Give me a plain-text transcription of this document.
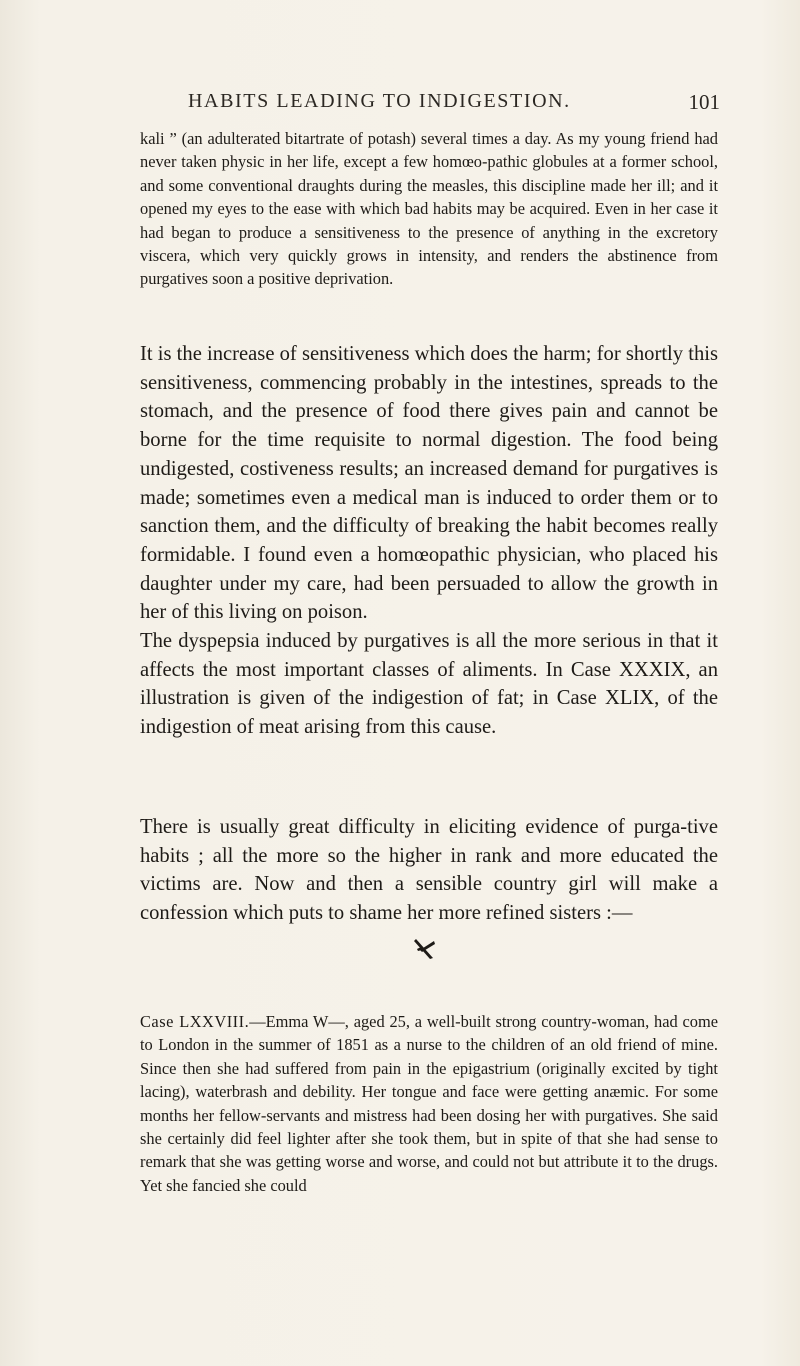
HABITS LEADING TO INDIGESTION.	101

kali ” (an adulterated bitartrate of potash) several times a day. As my young friend had never taken physic in her life, except a few homœo-pathic globules at a former school, and some conventional draughts during the measles, this discipline made her ill; and it opened my eyes to the ease with which bad habits may be acquired. Even in her case it had began to produce a sensitiveness to the presence of anything in the excretory viscera, which very quickly grows in intensity, and renders the abstinence from purgatives soon a positive deprivation.

It is the increase of sensitiveness which does the harm; for shortly this sensitiveness, commencing probably in the intestines, spreads to the stomach, and the presence of food there gives pain and cannot be borne for the time requisite to normal digestion. The food being undigested, costiveness results; an increased demand for purgatives is made; sometimes even a medical man is induced to order them or to sanction them, and the difficulty of breaking the habit becomes really formidable. I found even a homœopathic physician, who placed his daughter under my care, had been persuaded to allow the growth in her of this living on poison.

The dyspepsia induced by purgatives is all the more serious in that it affects the most important classes of aliments. In Case XXXIX, an illustration is given of the indigestion of fat; in Case XLIX, of the indigestion of meat arising from this cause.

There is usually great difficulty in eliciting evidence of purga-tive habits ; all the more so the higher in rank and more educated the victims are. Now and then a sensible country girl will make a confession which puts to shame her more refined sisters :—

Case LXXVIII.—Emma W—, aged 25, a well-built strong country-woman, had come to London in the summer of 1851 as a nurse to the children of an old friend of mine. Since then she had suffered from pain in the epigastrium (originally excited by tight lacing), waterbrash and debility. Her tongue and face were getting anæmic. For some months her fellow-servants and mistress had been dosing her with purgatives. She said she certainly did feel lighter after she took them, but in spite of that she had sense to remark that she was getting worse and worse, and could not but attribute it to the drugs. Yet she fancied she could
